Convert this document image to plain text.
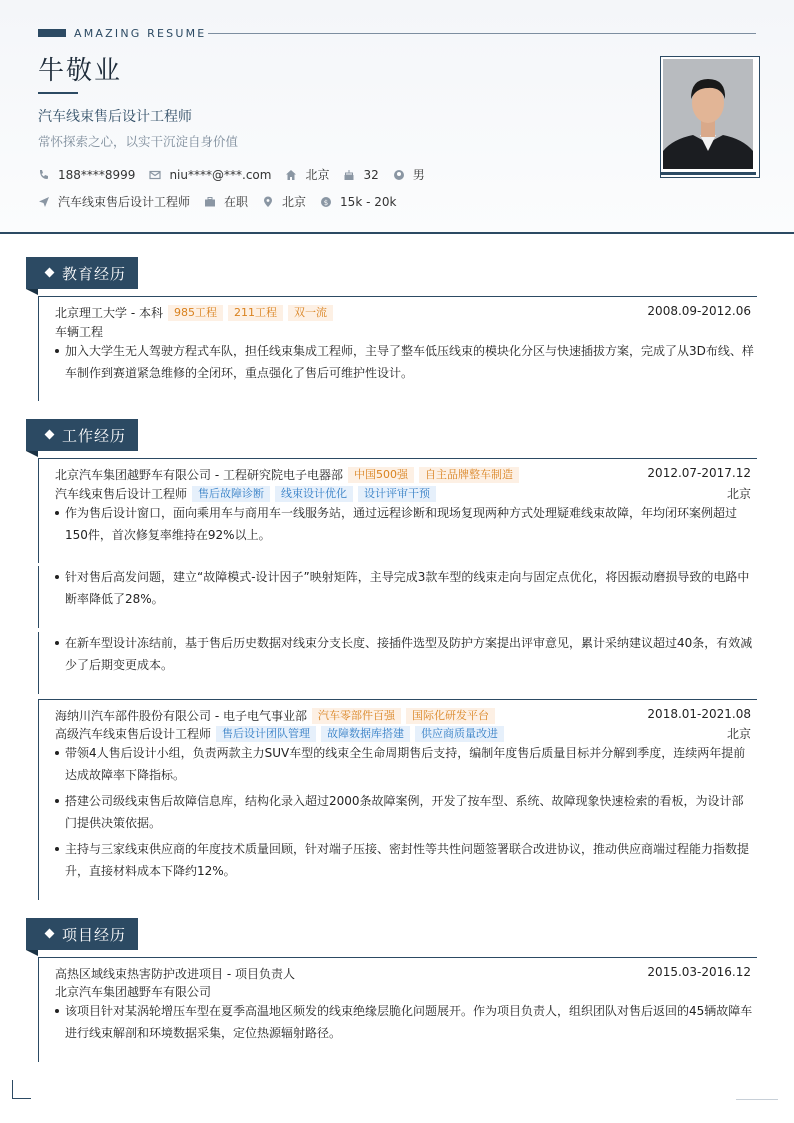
AMAZING RESUME
牛敬业
汽车线束售后设计工程师
常怀探索之心，以实干沉淀自身价值
188****8999	niu****@***.com	北京	32	男
汽车线束售后设计工程师	在职	北京	$ 15k - 20k
教育经历
北京理工大学 - 本科	985工程	211工程	双一流	2008.09-2012.06
车辆工程
加入大学生无人驾驶方程式车队，担任线束集成工程师，主导了整车低压线束的模块化分区与快速插拔方案，完成了从3D布线、样车制作到赛道紧急维修的全闭环，重点强化了售后可维护性设计。
工作经历
北京汽车集团越野车有限公司 - 工程研究院电子电器部	中国500强	自主品牌整车制造	2012.07-2017.12
汽车线束售后设计工程师	售后故障诊断	线束设计优化	设计评审干预	北京
作为售后设计窗口，面向乘用车与商用车一线服务站，通过远程诊断和现场复现两种方式处理疑难线束故障，年均闭环案例超过150件，首次修复率维持在92%以上。
针对售后高发问题，建立“故障模式-设计因子”映射矩阵，主导完成3款车型的线束走向与固定点优化，将因振动磨损导致的电路中断率降低了28%。
在新车型设计冻结前，基于售后历史数据对线束分支长度、接插件选型及防护方案提出评审意见，累计采纳建议超过40条，有效减少了后期变更成本。
海纳川汽车部件股份有限公司 - 电子电气事业部	汽车零部件百强	国际化研发平台	2018.01-2021.08
高级汽车线束售后设计工程师	售后设计团队管理	故障数据库搭建	供应商质量改进	北京
带领4人售后设计小组，负责两款主力SUV车型的线束全生命周期售后支持，编制年度售后质量目标并分解到季度，连续两年提前达成故障率下降指标。
搭建公司级线束售后故障信息库，结构化录入超过2000条故障案例，开发了按车型、系统、故障现象快速检索的看板，为设计部门提供决策依据。
主持与三家线束供应商的年度技术质量回顾，针对端子压接、密封性等共性问题签署联合改进协议，推动供应商端过程能力指数提升，直接材料成本下降约12%。
项目经历
高热区域线束热害防护改进项目 - 项目负责人	2015.03-2016.12
北京汽车集团越野车有限公司
该项目针对某涡轮增压车型在夏季高温地区频发的线束绝缘层脆化问题展开。作为项目负责人，组织团队对售后返回的45辆故障车进行线束解剖和环境数据采集，定位热源辐射路径。
